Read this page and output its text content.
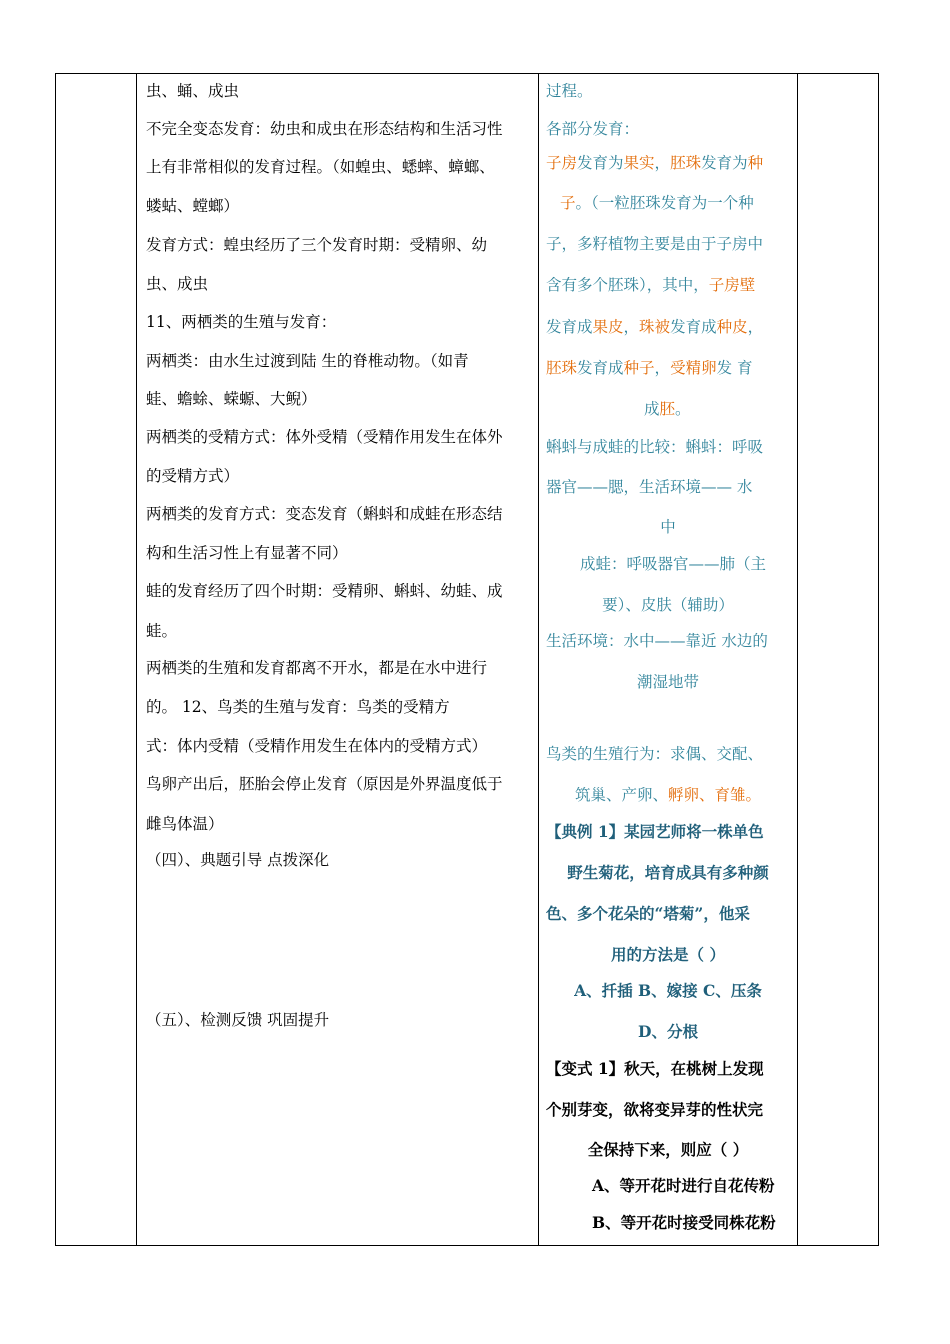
虫、蛹、成虫
不完全变态发育：幼虫和成虫在形态结构和生活习性
上有非常相似的发育过程。（如蝗虫、蟋蟀、蟑螂、
蝼蛄、螳螂）
发育方式：蝗虫经历了三个发育时期：受精卵、幼
虫、成虫
11、两栖类的生殖与发育：
两栖类：由水生过渡到陆 生的脊椎动物。（如青
蛙、蟾蜍、蝾螈、大鲵）
两栖类的受精方式：体外受精（受精作用发生在体外
的受精方式）
两栖类的发育方式：变态发育（蝌蚪和成蛙在形态结
构和生活习性上有显著不同）
蛙的发育经历了四个时期：受精卵、蝌蚪、幼蛙、成
蛙。
两栖类的生殖和发育都离不开水，都是在水中进行
的。 12、鸟类的生殖与发育：鸟类的受精方
式：体内受精（受精作用发生在体内的受精方式）
鸟卵产出后，胚胎会停止发育（原因是外界温度低于
雌鸟体温）
（四）、典题引导 点拨深化
（五）、检测反馈 巩固提升
过程。
各部分发育：
子房发育为果实，胚珠发育为种
子。（一粒胚珠发育为一个种
子，多籽植物主要是由于子房中
含有多个胚珠），其中，子房壁
发育成果皮，珠被发育成种皮，
胚珠发育成种子，受精卵发 育
成胚。
蝌蚪与成蛙的比较：蝌蚪：呼吸
器官——腮，生活环境—— 水
中
成蛙：呼吸器官——肺（主
要）、皮肤（辅助）
生活环境：水中——靠近 水边的
潮湿地带
鸟类的生殖行为：求偶、交配、
筑巢、产卵、孵卵、育雏。
【典例 1】某园艺师将一株单色
野生菊花，培育成具有多种颜
色、多个花朵的“塔菊”，他采
用的方法是（ ）
A、扦插 B、嫁接 C、压条
D、分根
【变式 1】秋天，在桃树上发现
个别芽变，欲将变异芽的性状完
全保持下来，则应（ ）
A、等开花时进行自花传粉
B、等开花时接受同株花粉
